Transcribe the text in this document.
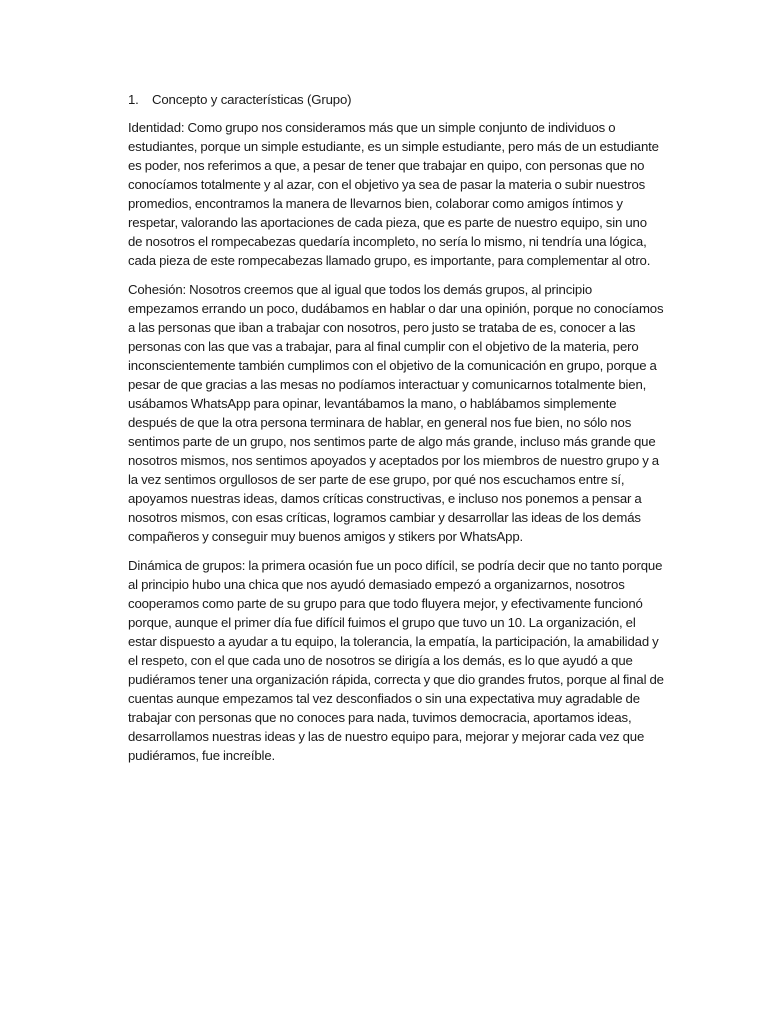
1.	Concepto y características (Grupo)

Identidad: Como grupo nos consideramos más que un simple conjunto de individuos o estudiantes, porque un simple estudiante, es un simple estudiante, pero más de un estudiante es poder, nos referimos a que, a pesar de tener que trabajar en quipo, con personas que no conocíamos totalmente y al azar, con el objetivo ya sea de pasar la materia o subir nuestros promedios, encontramos la manera de llevarnos bien, colaborar como amigos íntimos y respetar, valorando las aportaciones de cada pieza, que es parte de nuestro equipo, sin uno de nosotros el rompecabezas quedaría incompleto, no sería lo mismo, ni tendría una lógica, cada pieza de este rompecabezas llamado grupo, es importante, para complementar al otro.

Cohesión: Nosotros creemos que al igual que todos los demás grupos, al principio empezamos errando un poco, dudábamos en hablar o dar una opinión, porque no conocíamos a las personas que iban a trabajar con nosotros, pero justo se trataba de es, conocer a las personas con las que vas a trabajar, para al final cumplir con el objetivo de la materia, pero inconscientemente también cumplimos con el objetivo de la comunicación en grupo, porque a pesar de que gracias a las mesas no podíamos interactuar y comunicarnos totalmente bien, usábamos WhatsApp para opinar, levantábamos la mano, o hablábamos simplemente después de que la otra persona terminara de hablar, en general nos fue bien, no sólo nos sentimos parte de un grupo, nos sentimos parte de algo más grande, incluso más grande que nosotros mismos, nos sentimos apoyados y aceptados por los miembros de nuestro grupo y a la vez sentimos orgullosos de ser parte de ese grupo, por qué nos escuchamos entre sí, apoyamos nuestras ideas, damos críticas constructivas, e incluso nos ponemos a pensar a nosotros mismos, con esas críticas, logramos cambiar y desarrollar las ideas de los demás compañeros y conseguir muy buenos amigos y stikers por WhatsApp.

Dinámica de grupos: la primera ocasión fue un poco difícil, se podría decir que no tanto porque al principio hubo una chica que nos ayudó demasiado empezó a organizarnos, nosotros cooperamos como parte de su grupo para que todo fluyera mejor, y efectivamente funcionó porque, aunque el primer día fue difícil fuimos el grupo que tuvo un 10. La organización, el estar dispuesto a ayudar a tu equipo, la tolerancia, la empatía, la participación, la amabilidad y el respeto, con el que cada uno de nosotros se dirigía a los demás, es lo que ayudó a que pudiéramos tener una organización rápida, correcta y que dio grandes frutos, porque al final de cuentas aunque empezamos tal vez desconfiados o sin una expectativa muy agradable de trabajar con personas que no conoces para nada, tuvimos democracia, aportamos ideas, desarrollamos nuestras ideas y las de nuestro equipo para, mejorar y mejorar cada vez que pudiéramos, fue increíble.
